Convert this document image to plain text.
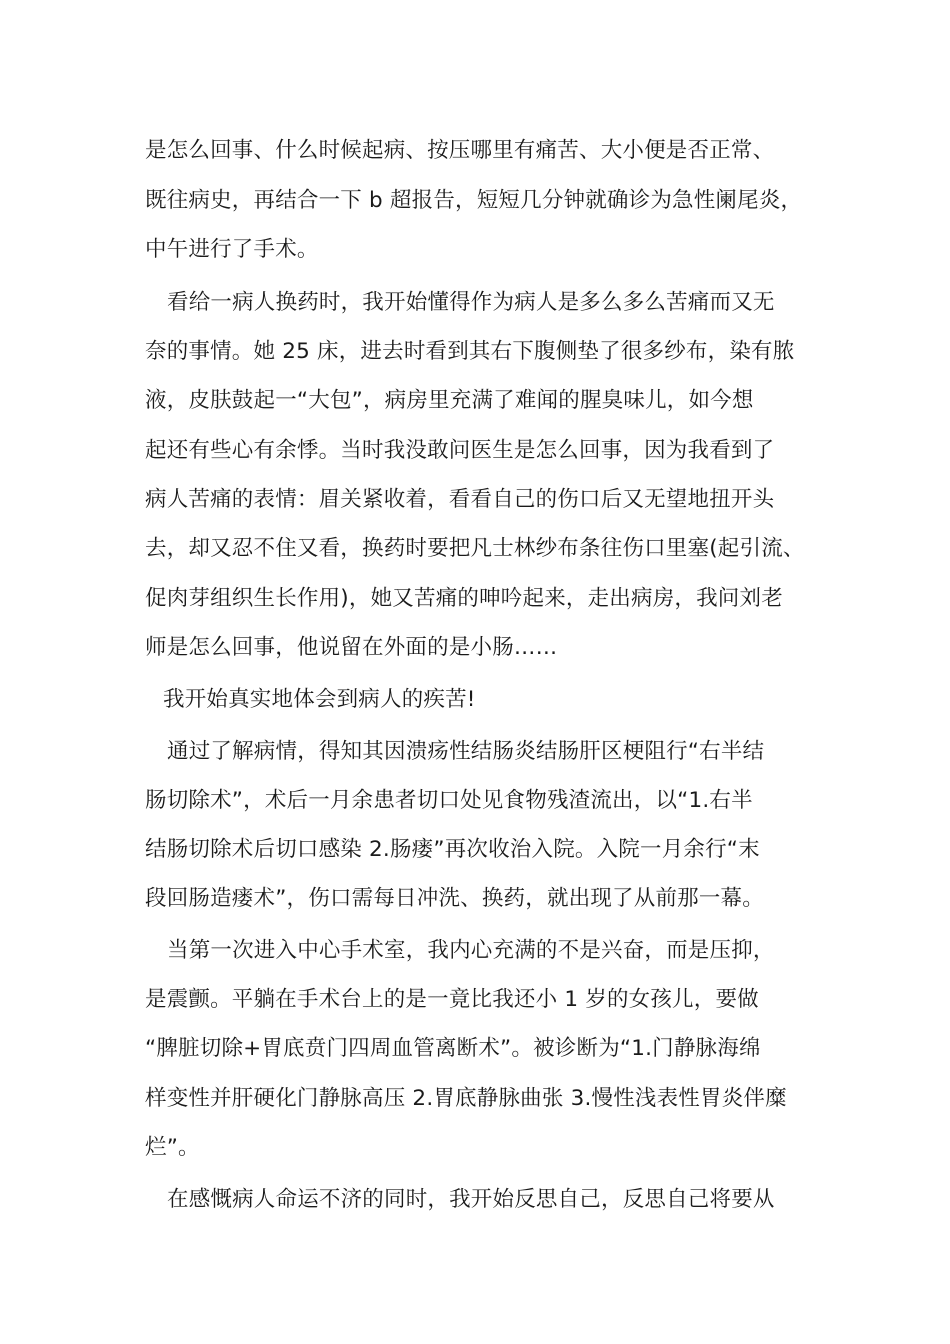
是怎么回事、什么时候起病、按压哪里有痛苦、大小便是否正常、
既往病史，再结合一下 b 超报告，短短几分钟就确诊为急性阑尾炎，
中午进行了手术。
看给一病人换药时，我开始懂得作为病人是多么多么苦痛而又无
奈的事情。她 25 床，进去时看到其右下腹侧垫了很多纱布，染有脓
液，皮肤鼓起一“大包”，病房里充满了难闻的腥臭味儿，如今想
起还有些心有余悸。当时我没敢问医生是怎么回事，因为我看到了
病人苦痛的表情：眉关紧收着，看看自己的伤口后又无望地扭开头
去，却又忍不住又看，换药时要把凡士林纱布条往伤口里塞(起引流、
促肉芽组织生长作用)，她又苦痛的呻吟起来，走出病房，我问刘老
师是怎么回事，他说留在外面的是小肠……
我开始真实地体会到病人的疾苦!
通过了解病情，得知其因溃疡性结肠炎结肠肝区梗阻行“右半结
肠切除术”，术后一月余患者切口处见食物残渣流出，以“1.右半
结肠切除术后切口感染 2.肠瘘”再次收治入院。入院一月余行“末
段回肠造瘘术”，伤口需每日冲洗、换药，就出现了从前那一幕。
当第一次进入中心手术室，我内心充满的不是兴奋，而是压抑，
是震颤。平躺在手术台上的是一竟比我还小 1 岁的女孩儿，要做
“脾脏切除+胃底贲门四周血管离断术”。被诊断为“1.门静脉海绵
样变性并肝硬化门静脉高压 2.胃底静脉曲张 3.慢性浅表性胃炎伴糜
烂”。
在感慨病人命运不济的同时，我开始反思自己，反思自己将要从
